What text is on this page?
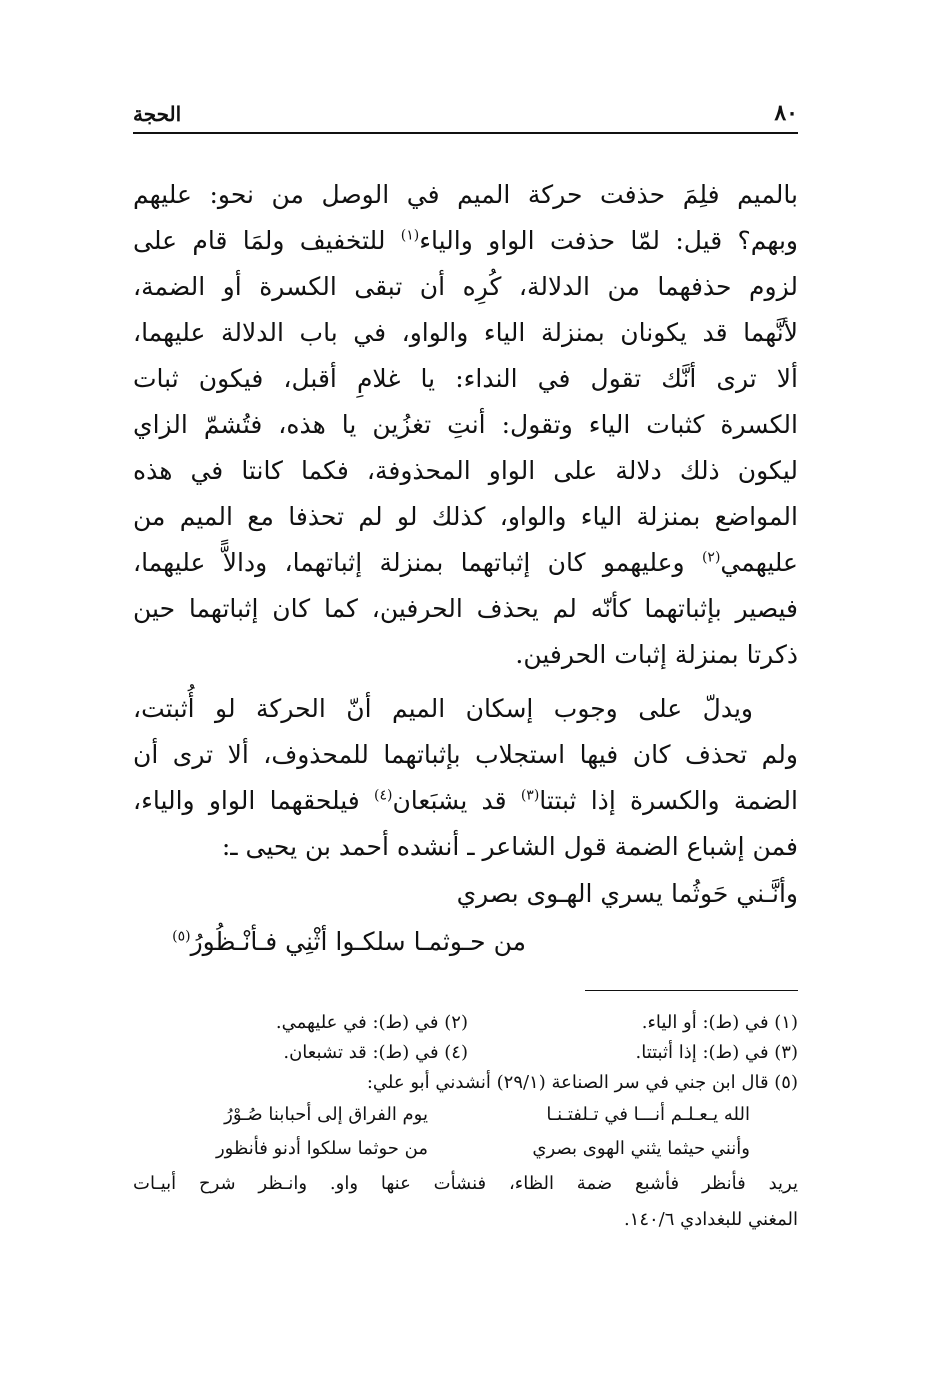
٨٠
الحجة

بالميم فلِمَ حذفت حركة الميم في الوصل من نحو: عليهم

وبهم؟ قيل: لمّا حذفت الواو والياء$^{(١)}$ للتخفيف ولمَا قام على

لزوم حذفهما من الدلالة، كُرِه أن تبقى الكسرة أو الضمة،

لأنَّهما قد يكونان بمنزلة الياء والواو، في باب الدلالة عليهما،

ألا ترى أنَّك تقول في النداء: يا غلامِ أقبل، فيكون ثبات

الكسرة كثبات الياء وتقول: أنتِ تغزُين يا هذه، فتُشمّ الزاي

ليكون ذلك دلالة على الواو المحذوفة، فكما كانتا في هذه

المواضع بمنزلة الياء والواو، كذلك لو لم تحذفا مع الميم من

عليهمي$^{(٢)}$ وعليهمو كان إثباتهما بمنزلة إثباتهما، ودالاًّ عليهما،

فيصير بإثباتهما كأنّه لم يحذف الحرفين، كما كان إثباتهما حين

ذكرتا بمنزلة إثبات الحرفين.

ويدلّ على وجوب إسكان الميم أنّ الحركة لو أُثبتت،

ولم تحذف كان فيها استجلاب بإثباتهما للمحذوف، ألا ترى أن

الضمة والكسرة إذا ثبتتا$^{(٣)}$ قد يشبَعان$^{(٤)}$ فيلحقهما الواو والياء،

فمن إشباع الضمة قول الشاعر ـ أنشده أحمد بن يحيى ـ:

وأنَّـني حَوثُما يسري الهـوى بصري

من حـوثمـا سلكـوا أثْنِي فـأنْـظُورُ$^{(٥)}$

(١) في (ط): أو الياء.
(٢) في (ط): في عليهمي.
(٣) في (ط): إذا أثبتتا.
(٤) في (ط): قد تشبعان.
(٥) قال ابن جني في سر الصناعة (٢٩/١) أنشدني أبو علي:
الله يـعـلـم أنـــا في تـلفتـنـا
يوم الفراق إلى أحبابنا صُـوْرُ
وأنني حيثما يثني الهوى بصري
من حوثما سلكوا أدنو فأنظور
يريد فأنظر فأشبع ضمة الظاء، فنشأت عنها واو. وانـظر شرح أبيـات
المغني للبغدادي ١٤٠/٦.
